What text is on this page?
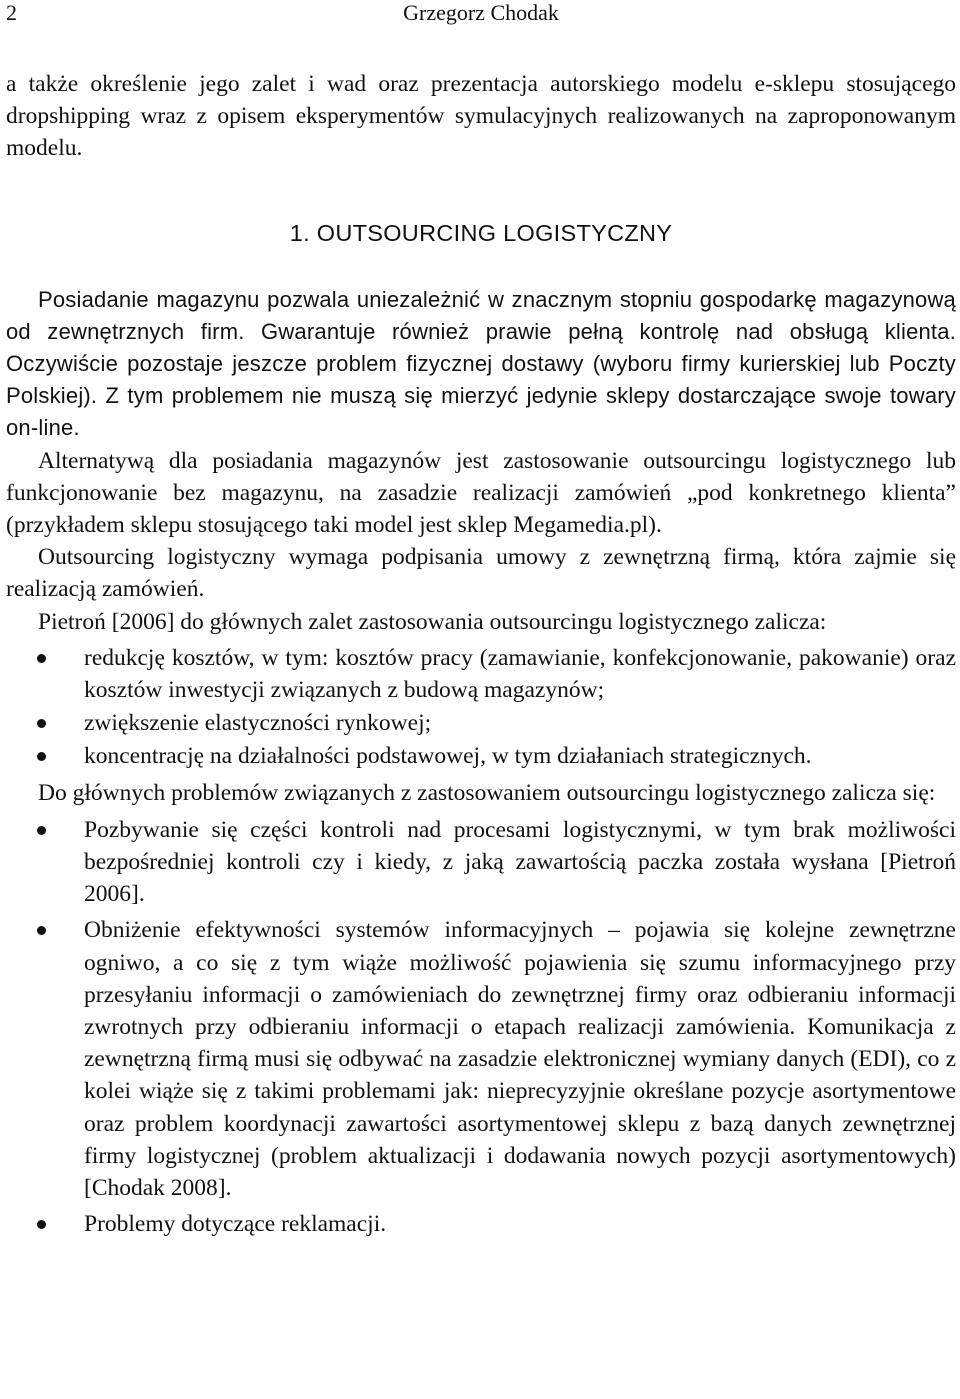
2	Grzegorz Chodak

a także określenie jego zalet i wad oraz prezentacja autorskiego modelu e-sklepu stosującego dropshipping wraz z opisem eksperymentów symulacyjnych realizowanych na zaproponowanym modelu.

1. OUTSOURCING LOGISTYCZNY

Posiadanie magazynu pozwala uniezależnić w znacznym stopniu gospodarkę magazynową od zewnętrznych firm. Gwarantuje również prawie pełną kontrolę nad obsługą klienta. Oczywiście pozostaje jeszcze problem fizycznej dostawy (wyboru firmy kurierskiej lub Poczty Polskiej). Z tym problemem nie muszą się mierzyć jedynie sklepy dostarczające swoje towary on-line.

Alternatywą dla posiadania magazynów jest zastosowanie outsourcingu logistycznego lub funkcjonowanie bez magazynu, na zasadzie realizacji zamówień „pod konkretnego klienta” (przykładem sklepu stosującego taki model jest sklep Megamedia.pl).

Outsourcing logistyczny wymaga podpisania umowy z zewnętrzną firmą, która zajmie się realizacją zamówień.

Pietroń [2006] do głównych zalet zastosowania outsourcingu logistycznego zalicza:

redukcję kosztów, w tym: kosztów pracy (zamawianie, konfekcjonowanie, pakowanie) oraz kosztów inwestycji związanych z budową magazynów;
zwiększenie elastyczności rynkowej;
koncentrację na działalności podstawowej, w tym działaniach strategicznych.

Do głównych problemów związanych z zastosowaniem outsourcingu logistycznego zalicza się:

Pozbywanie się części kontroli nad procesami logistycznymi, w tym brak możliwości bezpośredniej kontroli czy i kiedy, z jaką zawartością paczka została wysłana [Pietroń 2006].
Obniżenie efektywności systemów informacyjnych – pojawia się kolejne zewnętrzne ogniwo, a co się z tym wiąże możliwość pojawienia się szumu informacyjnego przy przesyłaniu informacji o zamówieniach do zewnętrznej firmy oraz odbieraniu informacji zwrotnych przy odbieraniu informacji o etapach realizacji zamówienia. Komunikacja z zewnętrzną firmą musi się odbywać na zasadzie elektronicznej wymiany danych (EDI), co z kolei wiąże się z takimi problemami jak: nieprecyzyjnie określane pozycje asortymentowe oraz problem koordynacji zawartości asortymentowej sklepu z bazą danych zewnętrznej firmy logistycznej (problem aktualizacji i dodawania nowych pozycji asortymentowych) [Chodak 2008].
Problemy dotyczące reklamacji.
